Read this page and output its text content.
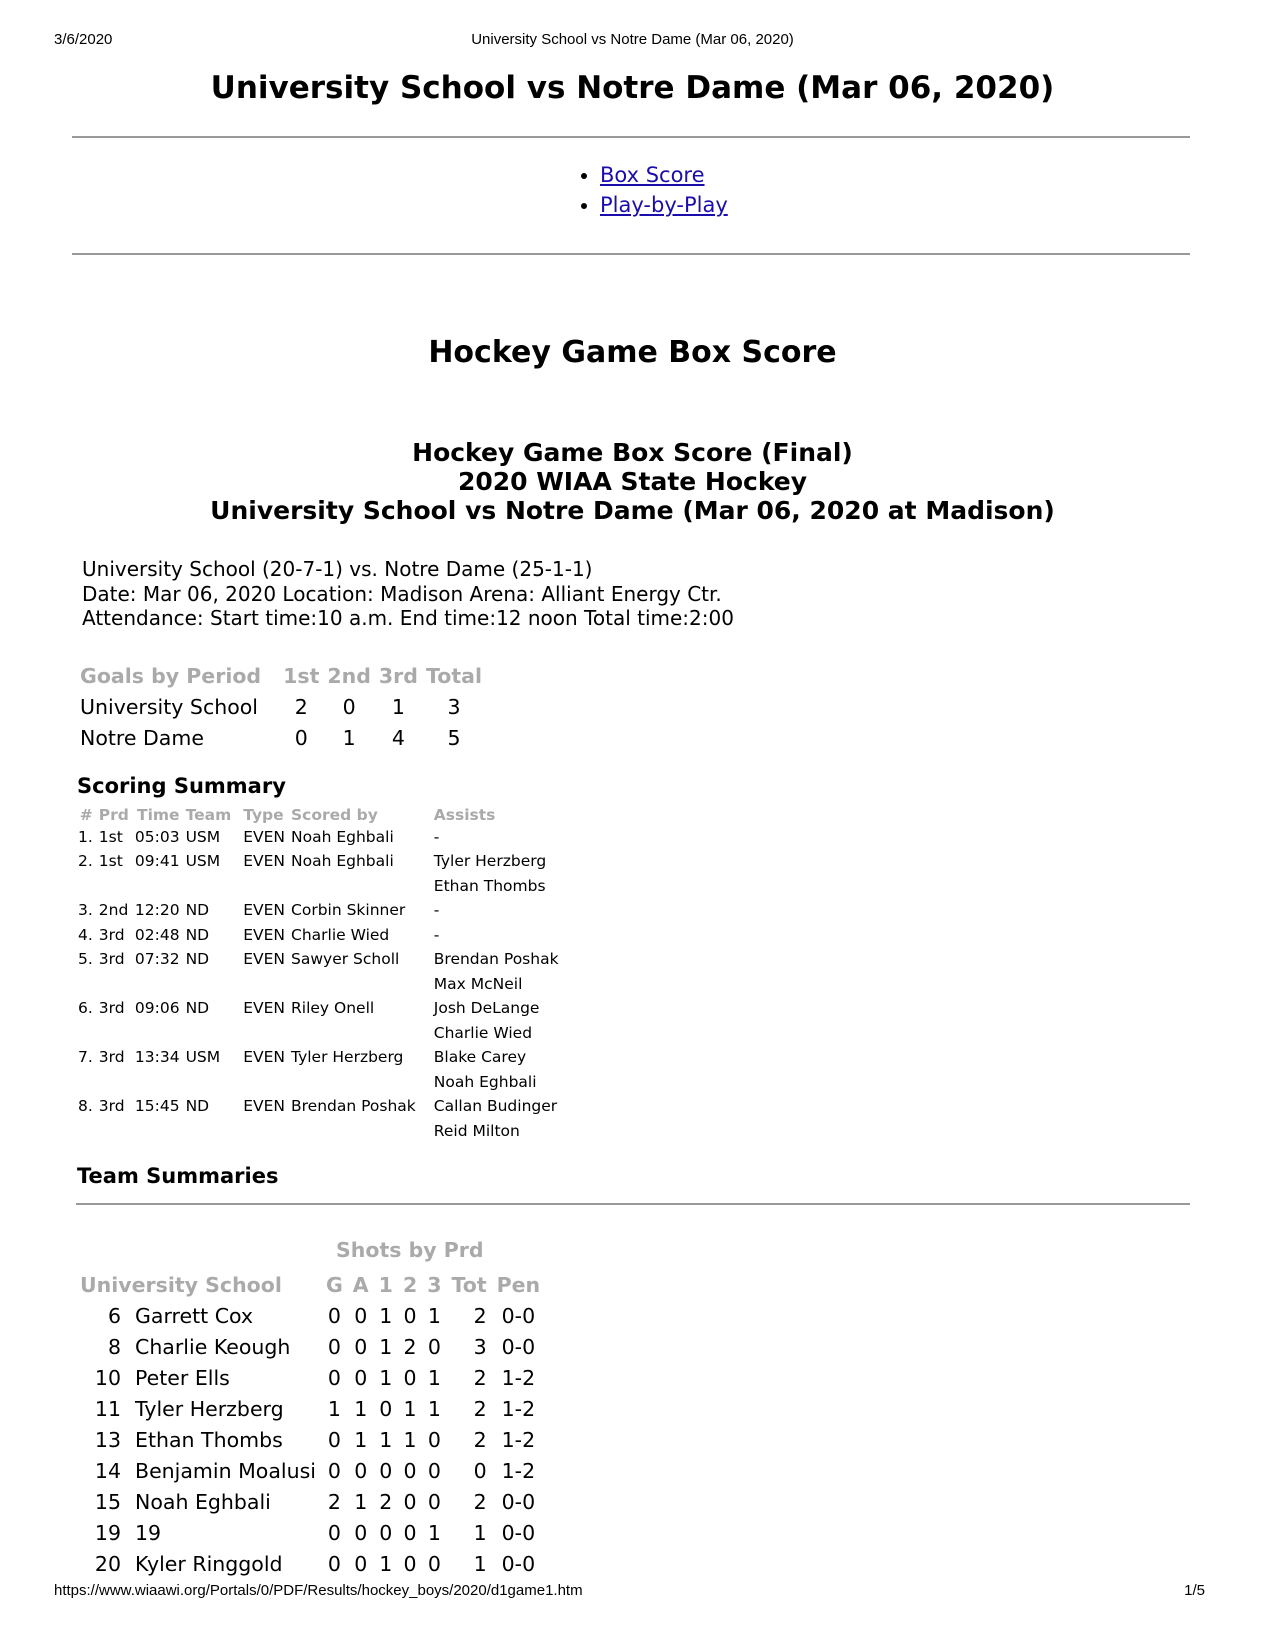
3/6/2020	University School vs Notre Dame (Mar 06, 2020)
University School vs Notre Dame (Mar 06, 2020)
• Box Score
• Play-by-Play
Hockey Game Box Score
Hockey Game Box Score (Final)
2020 WIAA State Hockey
University School vs Notre Dame (Mar 06, 2020 at Madison)
University School (20-7-1) vs. Notre Dame (25-1-1)
Date: Mar 06, 2020 Location: Madison Arena: Alliant Energy Ctr.
Attendance: Start time:10 a.m. End time:12 noon Total time:2:00
Goals by Period	1st	2nd	3rd	Total
University School	2	0	1	3
Notre Dame	0	1	4	5
Scoring Summary
#	Prd	Time	Team	Type	Scored by	Assists
1.	1st	05:03	USM	EVEN	Noah Eghbali	-
2.	1st	09:41	USM	EVEN	Noah Eghbali	Tyler Herzberg
						Ethan Thombs
3.	2nd	12:20	ND	EVEN	Corbin Skinner	-
4.	3rd	02:48	ND	EVEN	Charlie Wied	-
5.	3rd	07:32	ND	EVEN	Sawyer Scholl	Brendan Poshak
						Max McNeil
6.	3rd	09:06	ND	EVEN	Riley Onell	Josh DeLange
						Charlie Wied
7.	3rd	13:34	USM	EVEN	Tyler Herzberg	Blake Carey
						Noah Eghbali
8.	3rd	15:45	ND	EVEN	Brendan Poshak	Callan Budinger
						Reid Milton
Team Summaries
Shots by Prd
University School		G	A	1	2	3	Tot	Pen
6	Garrett Cox	0	0	1	0	1	2	0-0
8	Charlie Keough	0	0	1	2	0	3	0-0
10	Peter Ells	0	0	1	0	1	2	1-2
11	Tyler Herzberg	1	1	0	1	1	2	1-2
13	Ethan Thombs	0	1	1	1	0	2	1-2
14	Benjamin Moalusi	0	0	0	0	0	0	1-2
15	Noah Eghbali	2	1	2	0	0	2	0-0
19	19	0	0	0	0	1	1	0-0
20	Kyler Ringgold	0	0	1	0	0	1	0-0
https://www.wiaawi.org/Portals/0/PDF/Results/hockey_boys/2020/d1game1.htm	1/5
